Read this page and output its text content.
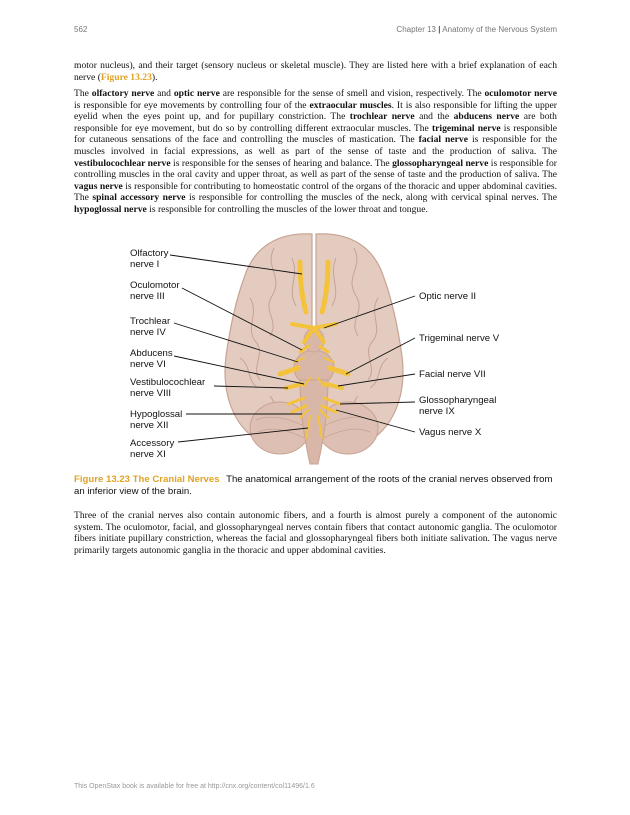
562	Chapter 13 | Anatomy of the Nervous System
motor nucleus), and their target (sensory nucleus or skeletal muscle). They are listed here with a brief explanation of each nerve (Figure 13.23).
The olfactory nerve and optic nerve are responsible for the sense of smell and vision, respectively. The oculomotor nerve is responsible for eye movements by controlling four of the extraocular muscles. It is also responsible for lifting the upper eyelid when the eyes point up, and for pupillary constriction. The trochlear nerve and the abducens nerve are both responsible for eye movement, but do so by controlling different extraocular muscles. The trigeminal nerve is responsible for cutaneous sensations of the face and controlling the muscles of mastication. The facial nerve is responsible for the muscles involved in facial expressions, as well as part of the sense of taste and the production of saliva. The vestibulocochlear nerve is responsible for the senses of hearing and balance. The glossopharyngeal nerve is responsible for controlling muscles in the oral cavity and upper throat, as well as part of the sense of taste and the production of saliva. The vagus nerve is responsible for contributing to homeostatic control of the organs of the thoracic and upper abdominal cavities. The spinal accessory nerve is responsible for controlling the muscles of the neck, along with cervical spinal nerves. The hypoglossal nerve is responsible for controlling the muscles of the lower throat and tongue.
Olfactory
nerve I
Oculomotor
nerve III
Trochlear
nerve IV
Abducens
nerve VI
Vestibulocochlear
nerve VIII
Hypoglossal
nerve XII
Accessory
nerve XI
Optic nerve II
Trigeminal nerve V
Facial nerve VII
Glossopharyngeal
nerve IX
Vagus nerve X
Figure 13.23 The Cranial Nerves The anatomical arrangement of the roots of the cranial nerves observed from an inferior view of the brain.
Three of the cranial nerves also contain autonomic fibers, and a fourth is almost purely a component of the autonomic system. The oculomotor, facial, and glossopharyngeal nerves contain fibers that contact autonomic ganglia. The oculomotor fibers initiate pupillary constriction, whereas the facial and glossopharyngeal fibers both initiate salivation. The vagus nerve primarily targets autonomic ganglia in the thoracic and upper abdominal cavities.
This OpenStax book is available for free at http://cnx.org/content/col11496/1.6
